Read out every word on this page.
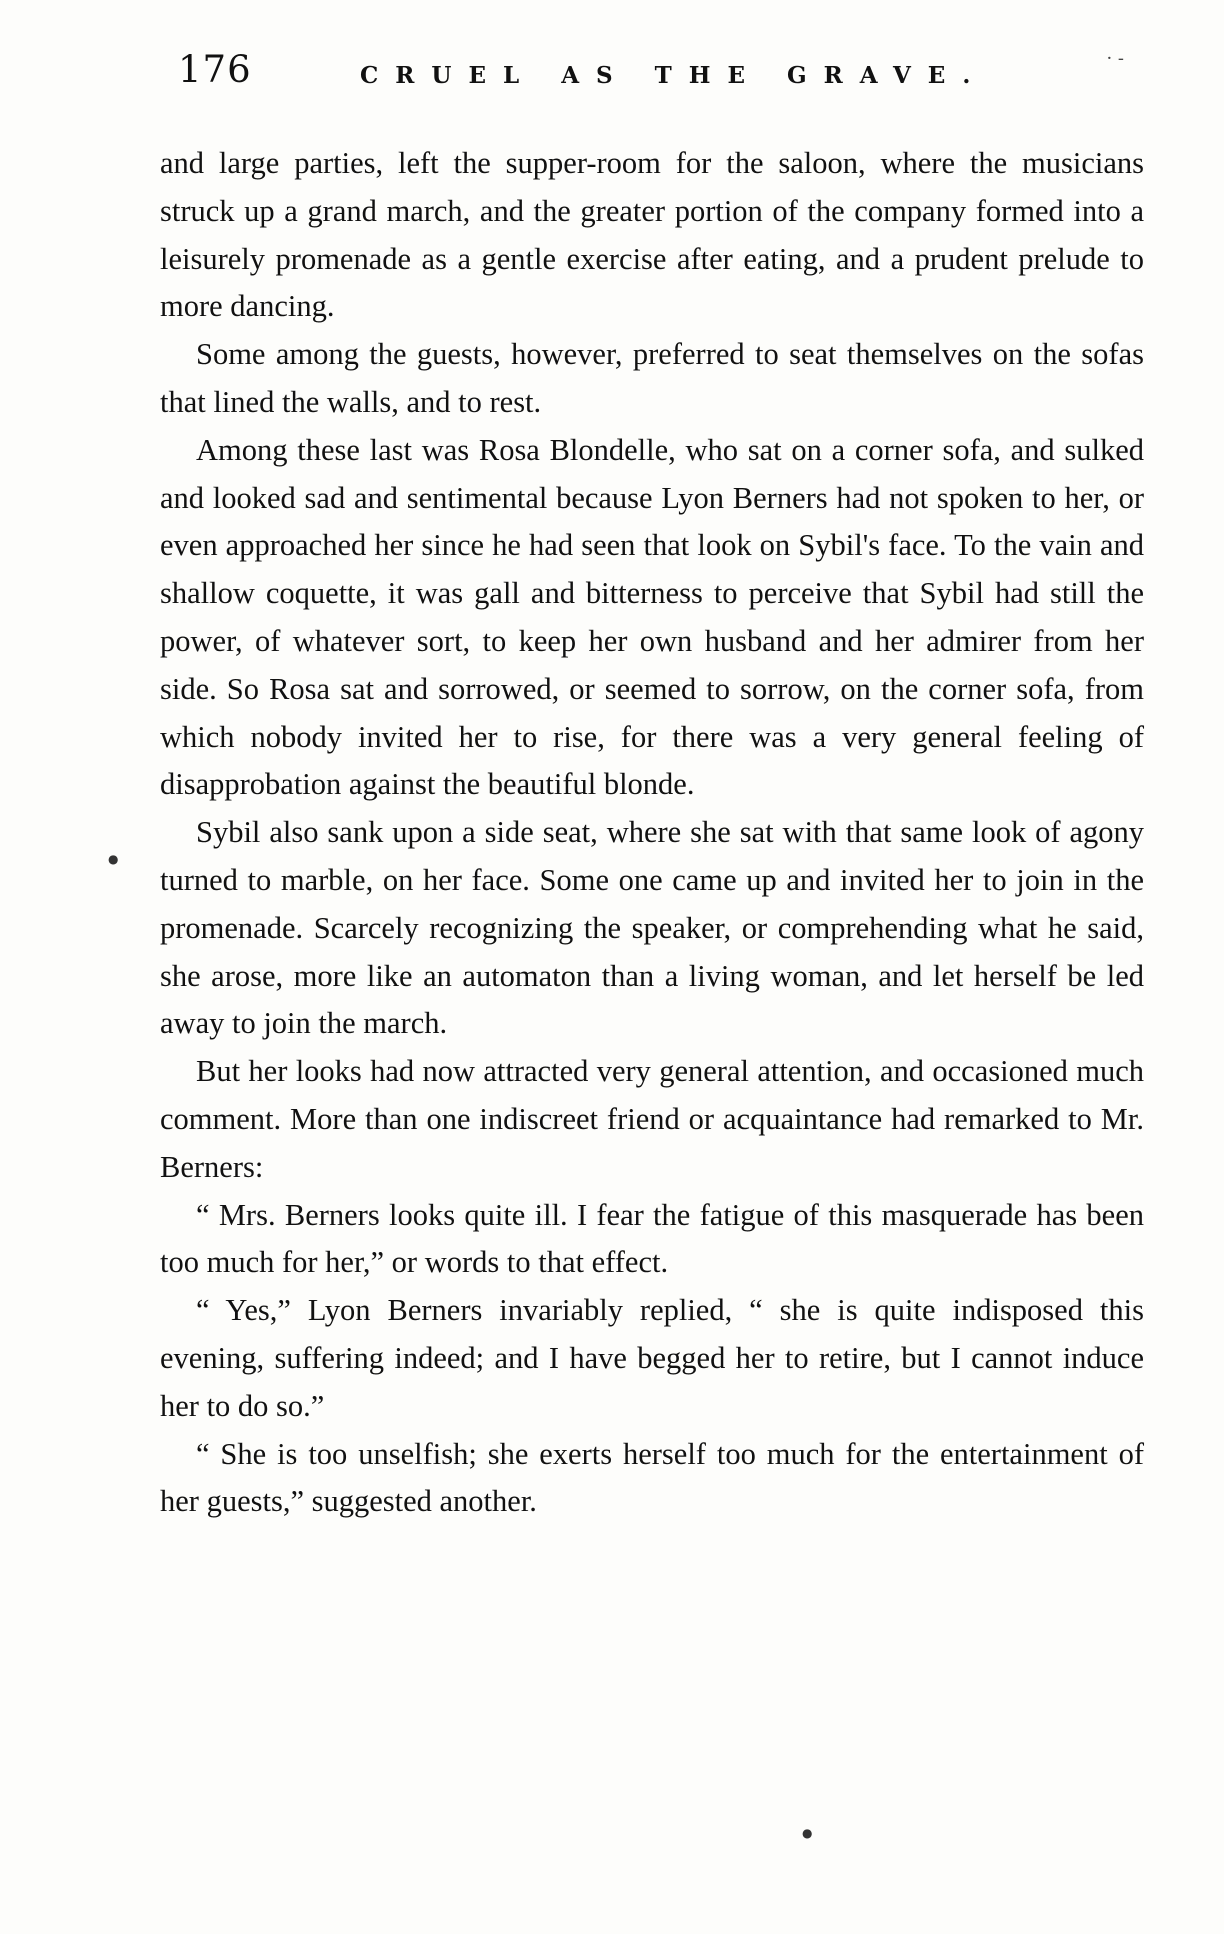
176	CRUEL AS THE GRAVE.
· ‐

and large parties, left the supper-room for the saloon, where the musicians struck up a grand march, and the greater portion of the company formed into a leisurely promenade as a gentle exercise after eating, and a prudent prelude to more dancing.

Some among the guests, however, preferred to seat themselves on the sofas that lined the walls, and to rest.

Among these last was Rosa Blondelle, who sat on a corner sofa, and sulked and looked sad and sentimental because Lyon Berners had not spoken to her, or even approached her since he had seen that look on Sybil's face. To the vain and shallow coquette, it was gall and bitterness to perceive that Sybil had still the power, of whatever sort, to keep her own husband and her admirer from her side. So Rosa sat and sorrowed, or seemed to sorrow, on the corner sofa, from which nobody invited her to rise, for there was a very general feeling of disapprobation against the beautiful blonde.

Sybil also sank upon a side seat, where she sat with that same look of agony turned to marble, on her face. Some one came up and invited her to join in the promenade. Scarcely recognizing the speaker, or comprehending what he said, she arose, more like an automaton than a living woman, and let herself be led away to join the march.

But her looks had now attracted very general attention, and occasioned much comment. More than one indiscreet friend or acquaintance had remarked to Mr. Berners:

“ Mrs. Berners looks quite ill. I fear the fatigue of this masquerade has been too much for her,” or words to that effect.

“ Yes,” Lyon Berners invariably replied, “ she is quite indisposed this evening, suffering indeed; and I have begged her to retire, but I cannot induce her to do so.”

“ She is too unselfish; she exerts herself too much for the entertainment of her guests,” suggested another.

●
●
